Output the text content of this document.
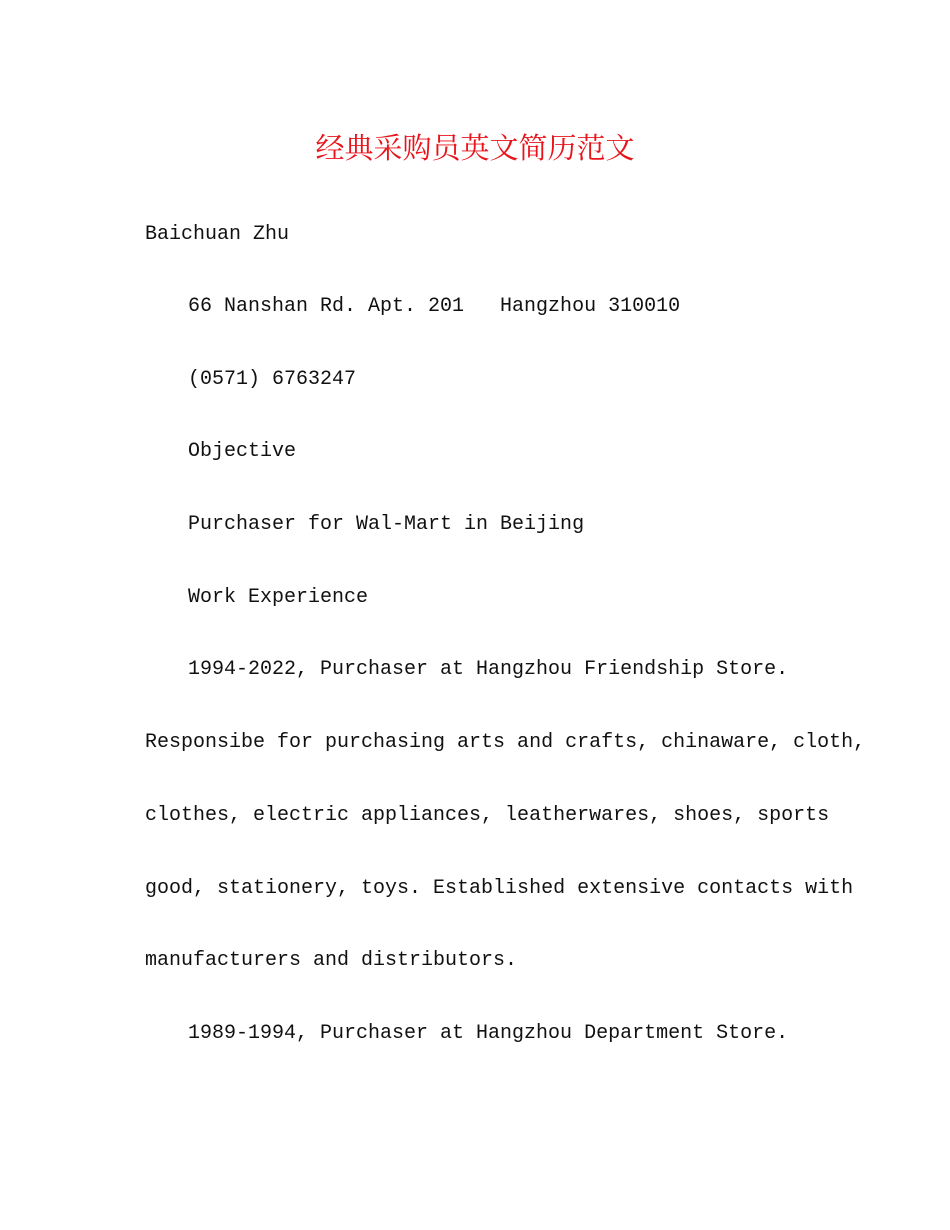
经典采购员英文简历范文
Baichuan Zhu
66 Nanshan Rd. Apt. 201   Hangzhou 310010
(0571) 6763247
Objective
Purchaser for Wal-Mart in Beijing
Work Experience
1994-2022, Purchaser at Hangzhou Friendship Store.
Responsibe for purchasing arts and crafts, chinaware, cloth,
clothes, electric appliances, leatherwares, shoes, sports
good, stationery, toys. Established extensive contacts with
manufacturers and distributors.
1989-1994, Purchaser at Hangzhou Department Store.
